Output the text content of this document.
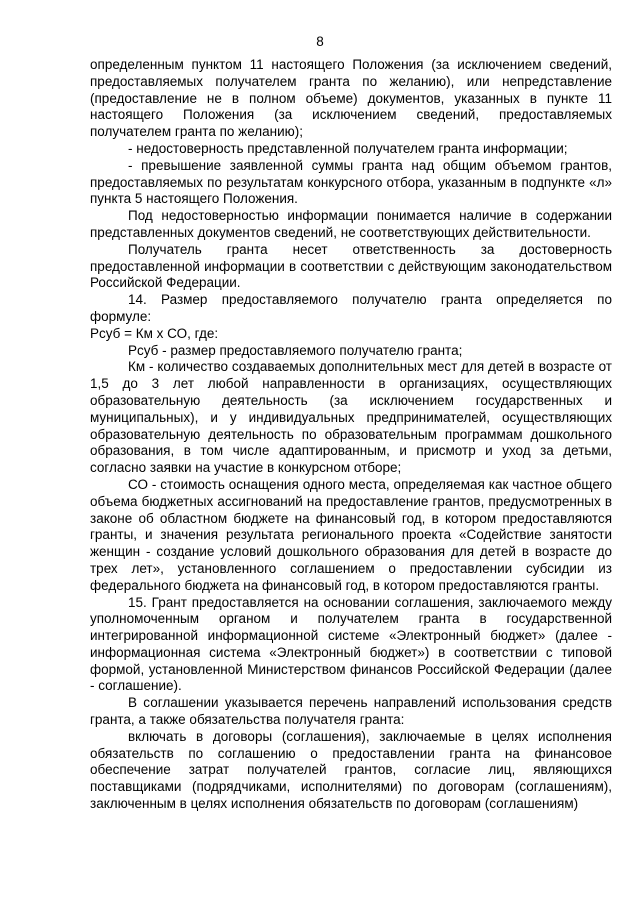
8

определенным пунктом 11 настоящего Положения (за исключением сведений, предоставляемых получателем гранта по желанию), или непредставление (предоставление не в полном объеме) документов, указанных в пункте 11 настоящего Положения (за исключением сведений, предоставляемых получателем гранта по желанию);

- недостоверность представленной получателем гранта информации;

- превышение заявленной суммы гранта над общим объемом грантов, предоставляемых по результатам конкурсного отбора, указанным в подпункте «л» пункта 5 настоящего Положения.

Под недостоверностью информации понимается наличие в содержании представленных документов сведений, не соответствующих действительности.

Получатель гранта несет ответственность за достоверность предоставленной информации в соответствии с действующим законодательством Российской Федерации.

14. Размер предоставляемого получателю гранта определяется по формуле:

Рсуб = Км х СО, где:

Рсуб - размер предоставляемого получателю гранта;

Км - количество создаваемых дополнительных мест для детей в возрасте от 1,5 до 3 лет любой направленности в организациях, осуществляющих образовательную деятельность (за исключением государственных и муниципальных), и у индивидуальных предпринимателей, осуществляющих образовательную деятельность по образовательным программам дошкольного образования, в том числе адаптированным, и присмотр и уход за детьми, согласно заявки на участие в конкурсном отборе;

СО - стоимость оснащения одного места, определяемая как частное общего объема бюджетных ассигнований на предоставление грантов, предусмотренных в законе об областном бюджете на финансовый год, в котором предоставляются гранты, и значения результата регионального проекта «Содействие занятости женщин - создание условий дошкольного образования для детей в возрасте до трех лет», установленного соглашением о предоставлении субсидии из федерального бюджета на финансовый год, в котором предоставляются гранты.

15. Грант предоставляется на основании соглашения, заключаемого между уполномоченным органом и получателем гранта в государственной интегрированной информационной системе «Электронный бюджет» (далее - информационная система «Электронный бюджет») в соответствии с типовой формой, установленной Министерством финансов Российской Федерации (далее - соглашение).

В соглашении указывается перечень направлений использования средств гранта, а также обязательства получателя гранта:

включать в договоры (соглашения), заключаемые в целях исполнения обязательств по соглашению о предоставлении гранта на финансовое обеспечение затрат получателей грантов, согласие лиц, являющихся поставщиками (подрядчиками, исполнителями) по договорам (соглашениям), заключенным в целях исполнения обязательств по договорам (соглашениям)
